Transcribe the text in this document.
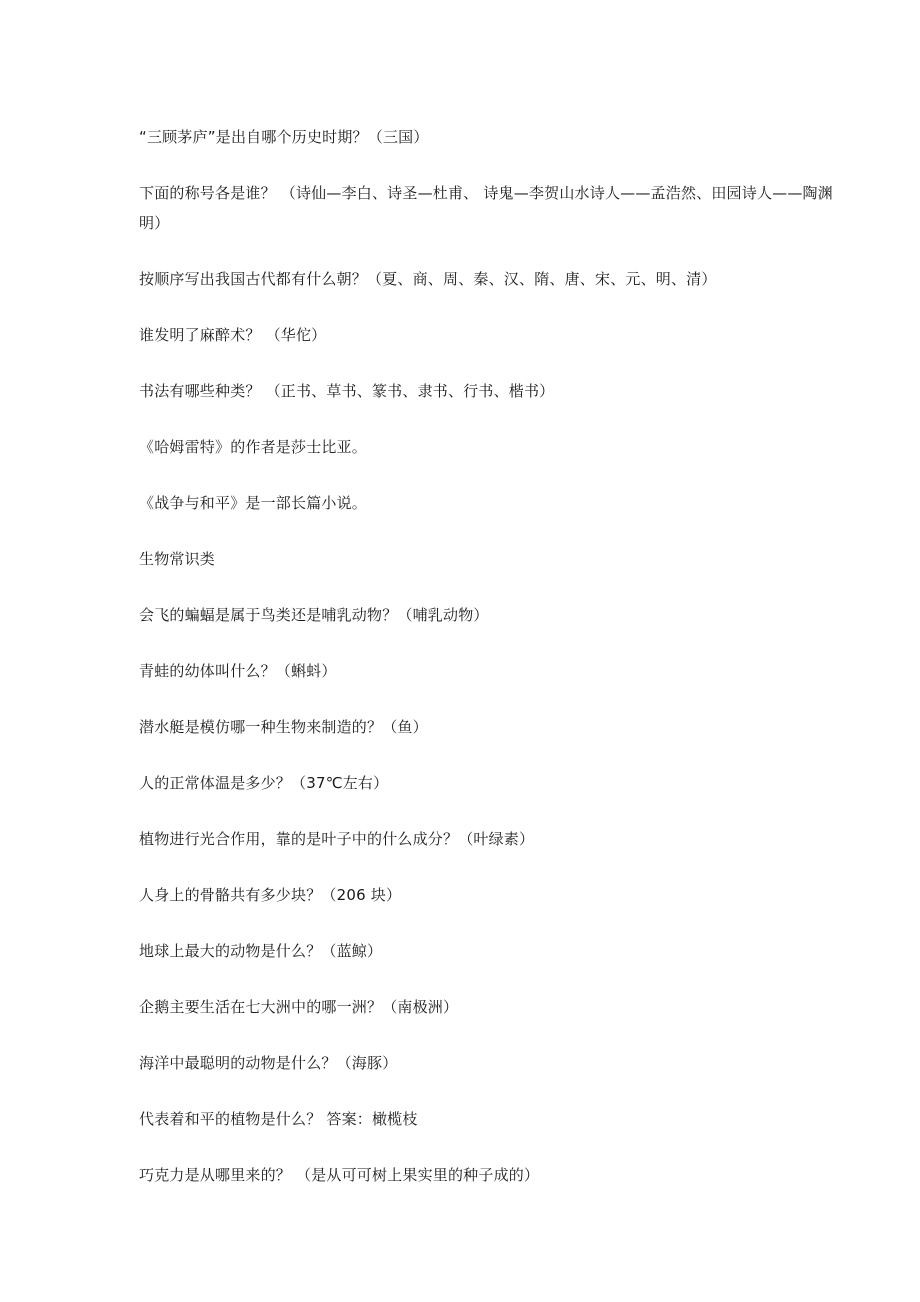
“三顾茅庐”是出自哪个历史时期？（三国）

下面的称号各是谁？ （诗仙—李白、诗圣—杜甫、 诗鬼—李贺山水诗人——孟浩然、田园诗人——陶渊明）

按顺序写出我国古代都有什么朝？（夏、商、周、秦、汉、隋、唐、宋、元、明、清）

谁发明了麻醉术？ （华佗）

书法有哪些种类？ （正书、草书、篆书、隶书、行书、楷书）

《哈姆雷特》的作者是莎士比亚。

《战争与和平》是一部长篇小说。

生物常识类

会飞的蝙蝠是属于鸟类还是哺乳动物？（哺乳动物）

青蛙的幼体叫什么？（蝌蚪）

潜水艇是模仿哪一种生物来制造的？（鱼）

人的正常体温是多少？（37℃左右）

植物进行光合作用，靠的是叶子中的什么成分？（叶绿素）

人身上的骨骼共有多少块？（206 块）

地球上最大的动物是什么？（蓝鲸）

企鹅主要生活在七大洲中的哪一洲？（南极洲）

海洋中最聪明的动物是什么？（海豚）

代表着和平的植物是什么？ 答案：橄榄枝

巧克力是从哪里来的？ （是从可可树上果实里的种子成的）
